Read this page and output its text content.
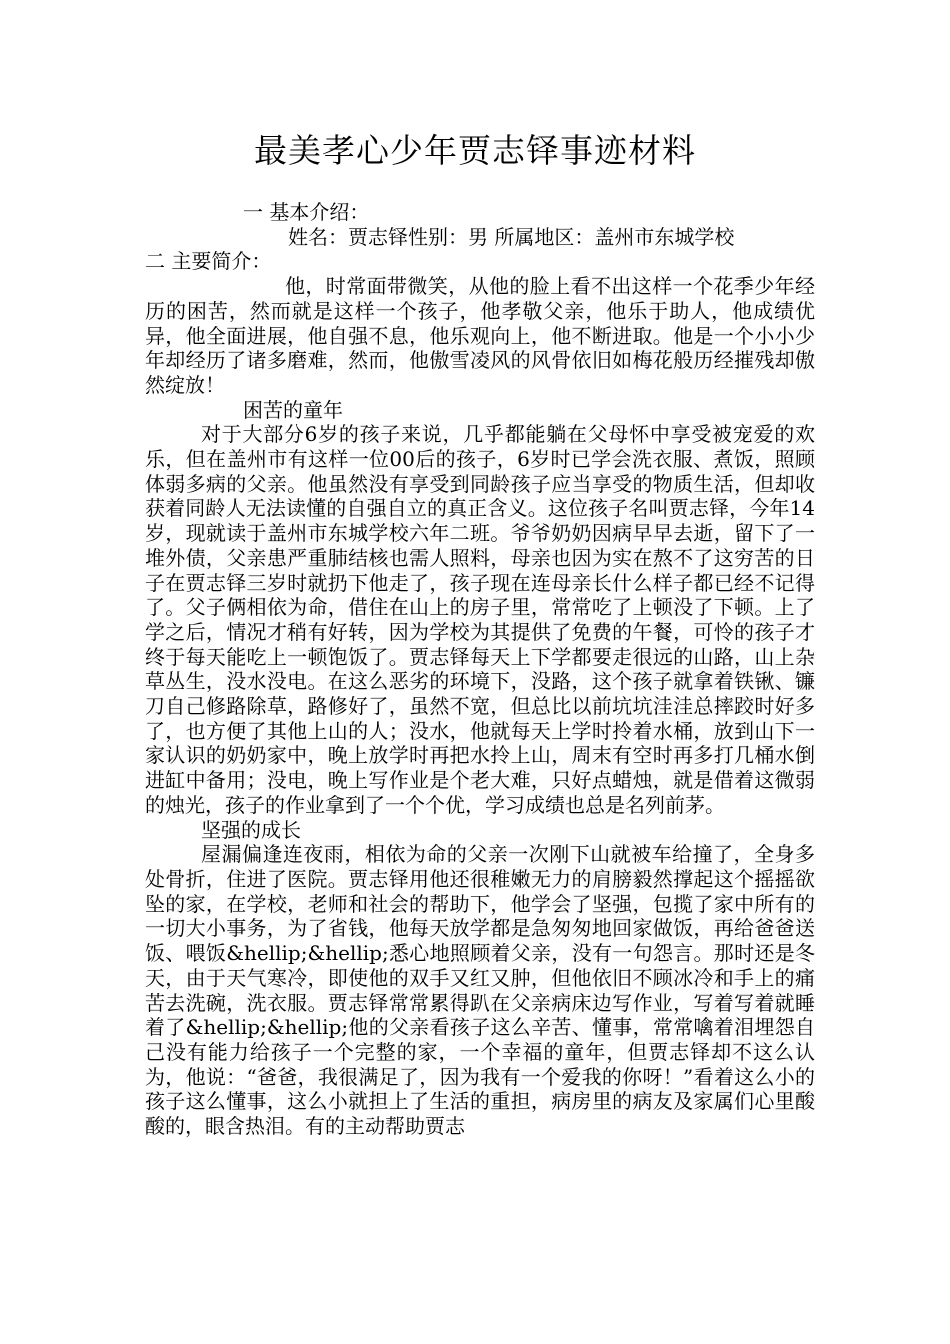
最美孝心少年贾志铎事迹材料

一 基本介绍：

姓名：贾志铎性别：男 所属地区：盖州市东城学校

二 主要简介：

他，时常面带微笑，从他的脸上看不出这样一个花季少年经历的困苦，然而就是这样一个孩子，他孝敬父亲，他乐于助人，他成绩优异，他全面进展，他自强不息，他乐观向上，他不断进取。他是一个小小少年却经历了诸多磨难，然而，他傲雪凌风的风骨依旧如梅花般历经摧残却傲然绽放！

困苦的童年

对于大部分6岁的孩子来说，几乎都能躺在父母怀中享受被宠爱的欢乐，但在盖州市有这样一位00后的孩子，6岁时已学会洗衣服、煮饭，照顾体弱多病的父亲。他虽然没有享受到同龄孩子应当享受的物质生活，但却收获着同龄人无法读懂的自强自立的真正含义。这位孩子名叫贾志铎，今年14岁，现就读于盖州市东城学校六年二班。爷爷奶奶因病早早去逝，留下了一堆外债，父亲患严重肺结核也需人照料，母亲也因为实在熬不了这穷苦的日子在贾志铎三岁时就扔下他走了，孩子现在连母亲长什么样子都已经不记得了。父子俩相依为命，借住在山上的房子里，常常吃了上顿没了下顿。上了学之后，情况才稍有好转，因为学校为其提供了免费的午餐，可怜的孩子才终于每天能吃上一顿饱饭了。贾志铎每天上下学都要走很远的山路，山上杂草丛生，没水没电。在这么恶劣的环境下，没路，这个孩子就拿着铁锹、镰刀自己修路除草，路修好了，虽然不宽，但总比以前坑坑洼洼总摔跤时好多了，也方便了其他上山的人；没水，他就每天上学时拎着水桶，放到山下一家认识的奶奶家中，晚上放学时再把水拎上山，周末有空时再多打几桶水倒进缸中备用；没电，晚上写作业是个老大难，只好点蜡烛，就是借着这微弱的烛光，孩子的作业拿到了一个个优，学习成绩也总是名列前茅。

坚强的成长

屋漏偏逢连夜雨，相依为命的父亲一次刚下山就被车给撞了，全身多处骨折，住进了医院。贾志铎用他还很稚嫩无力的肩膀毅然撑起这个摇摇欲坠的家，在学校，老师和社会的帮助下，他学会了坚强，包揽了家中所有的一切大小事务，为了省钱，他每天放学都是急匆匆地回家做饭，再给爸爸送饭、喂饭&hellip;&hellip;悉心地照顾着父亲，没有一句怨言。那时还是冬天，由于天气寒冷，即使他的双手又红又肿，但他依旧不顾冰冷和手上的痛苦去洗碗，洗衣服。贾志铎常常累得趴在父亲病床边写作业，写着写着就睡着了&hellip;&hellip;他的父亲看孩子这么辛苦、懂事，常常噙着泪埋怨自己没有能力给孩子一个完整的家，一个幸福的童年，但贾志铎却不这么认为，他说：“爸爸，我很满足了，因为我有一个爱我的你呀！”看着这么小的孩子这么懂事，这么小就担上了生活的重担，病房里的病友及家属们心里酸酸的，眼含热泪。有的主动帮助贾志
